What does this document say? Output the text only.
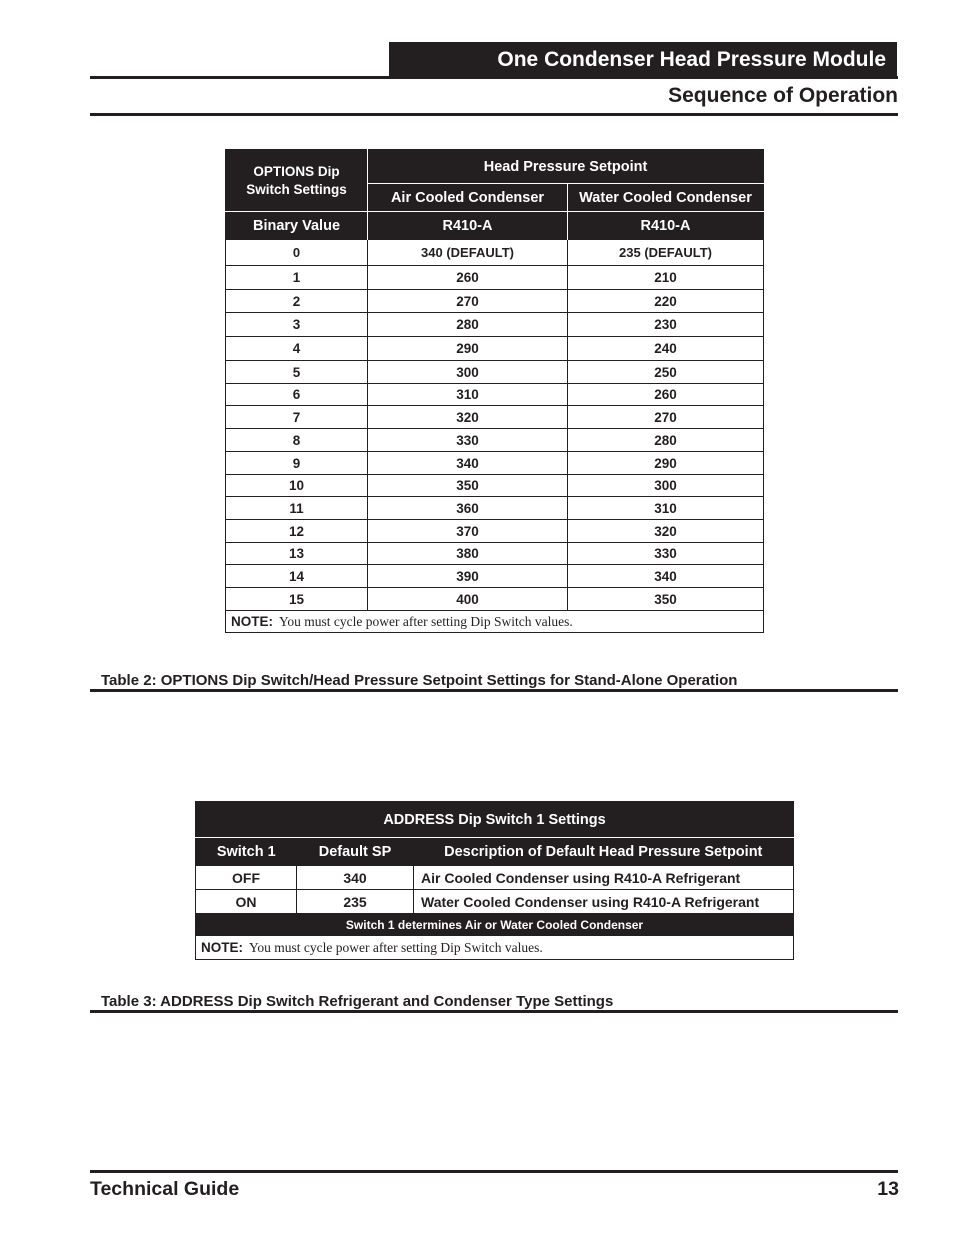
One Condenser Head Pressure Module
Sequence of Operation
OPTIONS Dip Switch Settings	Head Pressure Setpoint	
	Air Cooled Condenser	Water Cooled Condenser
Binary Value	R410-A	R410-A
0	340 (DEFAULT)	235 (DEFAULT)
1	260	210
2	270	220
3	280	230
4	290	240
5	300	250
6	310	260
7	320	270
8	330	280
9	340	290
10	350	300
11	360	310
12	370	320
13	380	330
14	390	340
15	400	350
NOTE: You must cycle power after setting Dip Switch values.		
Table 2: OPTIONS Dip Switch/Head Pressure Setpoint Settings for Stand-Alone Operation
ADDRESS Dip Switch 1 Settings		
Switch 1	Default SP	Description of Default Head Pressure Setpoint
OFF	340	Air Cooled Condenser using R410-A Refrigerant
ON	235	Water Cooled Condenser using R410-A Refrigerant
Switch 1 determines Air or Water Cooled Condenser		
NOTE: You must cycle power after setting Dip Switch values.		
Table 3: ADDRESS Dip Switch Refrigerant and Condenser Type Settings
Technical Guide	13
